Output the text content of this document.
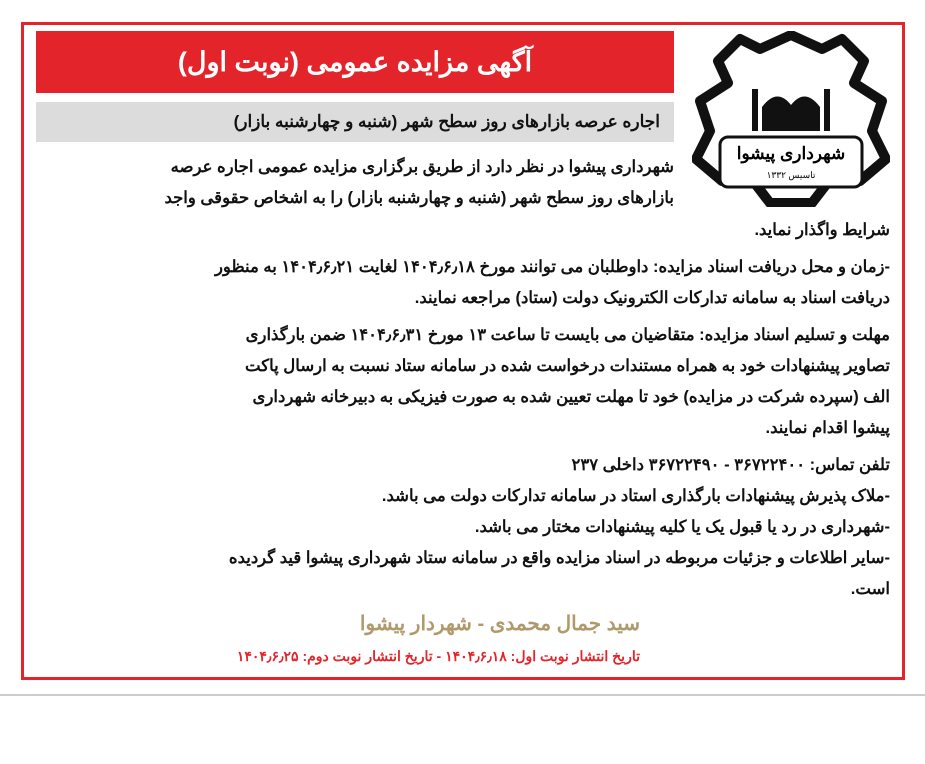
شهرداری پیشوا
تاسیس ۱۳۳۲
آگهی مزایده عمومی (نوبت اول)
اجاره عرصه بازارهای روز سطح شهر (شنبه و چهارشنبه بازار)
شهرداری پیشوا در نظر دارد از طریق برگزاری مزایده عمومی اجاره عرصه
بازارهای روز سطح شهر (شنبه و چهارشنبه بازار) را به اشخاص حقوقی واجد
شرایط واگذار نماید.
-زمان و محل دریافت اسناد مزایده: داوطلبان می توانند مورخ ۱۴۰۴٫۶٫۱۸ لغایت ۱۴۰۴٫۶٫۲۱ به منظور
دریافت اسناد به سامانه تدارکات الکترونیک دولت (ستاد) مراجعه نمایند.
مهلت و تسلیم اسناد مزایده: متقاضیان می بایست تا ساعت ۱۳ مورخ ۱۴۰۴٫۶٫۳۱ ضمن بارگذاری
تصاویر پیشنهادات خود به همراه مستندات درخواست شده در سامانه ستاد نسبت به ارسال پاکت
الف (سپرده شرکت در مزایده) خود تا مهلت تعیین شده به صورت فیزیکی به دبیرخانه شهرداری
پیشوا اقدام نمایند.
تلفن تماس: ۳۶۷۲۲۴۰۰ - ۳۶۷۲۲۴۹۰ داخلی ۲۳۷
-ملاک پذیرش پیشنهادات بارگذاری استاد در سامانه تدارکات دولت می باشد.
-شهرداری در رد یا قبول یک یا کلیه پیشنهادات مختار می باشد.
-سایر اطلاعات و جزئیات مربوطه در اسناد مزایده واقع در سامانه ستاد شهرداری پیشوا قید گردیده
است.
سید جمال محمدی - شهردار پیشوا
تاریخ انتشار نوبت اول: ۱۴۰۴٫۶٫۱۸ - تاریخ انتشار نوبت دوم: ۱۴۰۴٫۶٫۲۵
